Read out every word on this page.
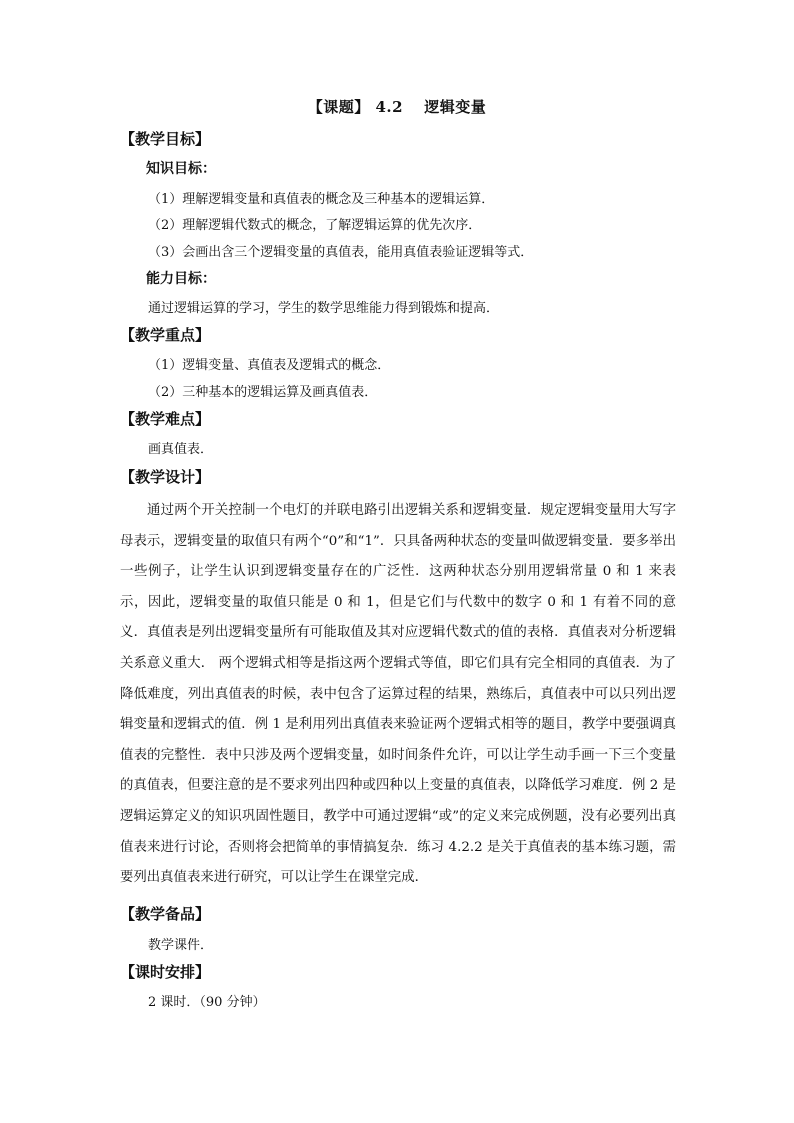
【课题】 4.2　 逻辑变量
【教学目标】
知识目标：
（1）理解逻辑变量和真值表的概念及三种基本的逻辑运算．
（2）理解逻辑代数式的概念，了解逻辑运算的优先次序．
（3）会画出含三个逻辑变量的真值表，能用真值表验证逻辑等式．
能力目标：
通过逻辑运算的学习，学生的数学思维能力得到锻炼和提高．
【教学重点】
（1）逻辑变量、真值表及逻辑式的概念．
（2）三种基本的逻辑运算及画真值表．
【教学难点】
画真值表．
【教学设计】

通过两个开关控制一个电灯的并联电路引出逻辑关系和逻辑变量．规定逻辑变量用大写字母表示，逻辑变量的取值只有两个“0”和“1”．只具备两种状态的变量叫做逻辑变量．要多举出一些例子，让学生认识到逻辑变量存在的广泛性．这两种状态分别用逻辑常量 0 和 1 来表示，因此，逻辑变量的取值只能是 0 和 1，但是它们与代数中的数字 0 和 1 有着不同的意义．真值表是列出逻辑变量所有可能取值及其对应逻辑代数式的值的表格．真值表对分析逻辑关系意义重大． 两个逻辑式相等是指这两个逻辑式等值，即它们具有完全相同的真值表．为了降低难度，列出真值表的时候，表中包含了运算过程的结果，熟练后，真值表中可以只列出逻辑变量和逻辑式的值．例 1 是利用列出真值表来验证两个逻辑式相等的题目，教学中要强调真值表的完整性．表中只涉及两个逻辑变量，如时间条件允许，可以让学生动手画一下三个变量的真值表，但要注意的是不要求列出四种或四种以上变量的真值表，以降低学习难度．例 2 是逻辑运算定义的知识巩固性题目，教学中可通过逻辑“或”的定义来完成例题，没有必要列出真值表来进行讨论，否则将会把简单的事情搞复杂．练习 4.2.2 是关于真值表的基本练习题，需要列出真值表来进行研究，可以让学生在课堂完成．

【教学备品】
教学课件．
【课时安排】
2 课时．（90 分钟）
